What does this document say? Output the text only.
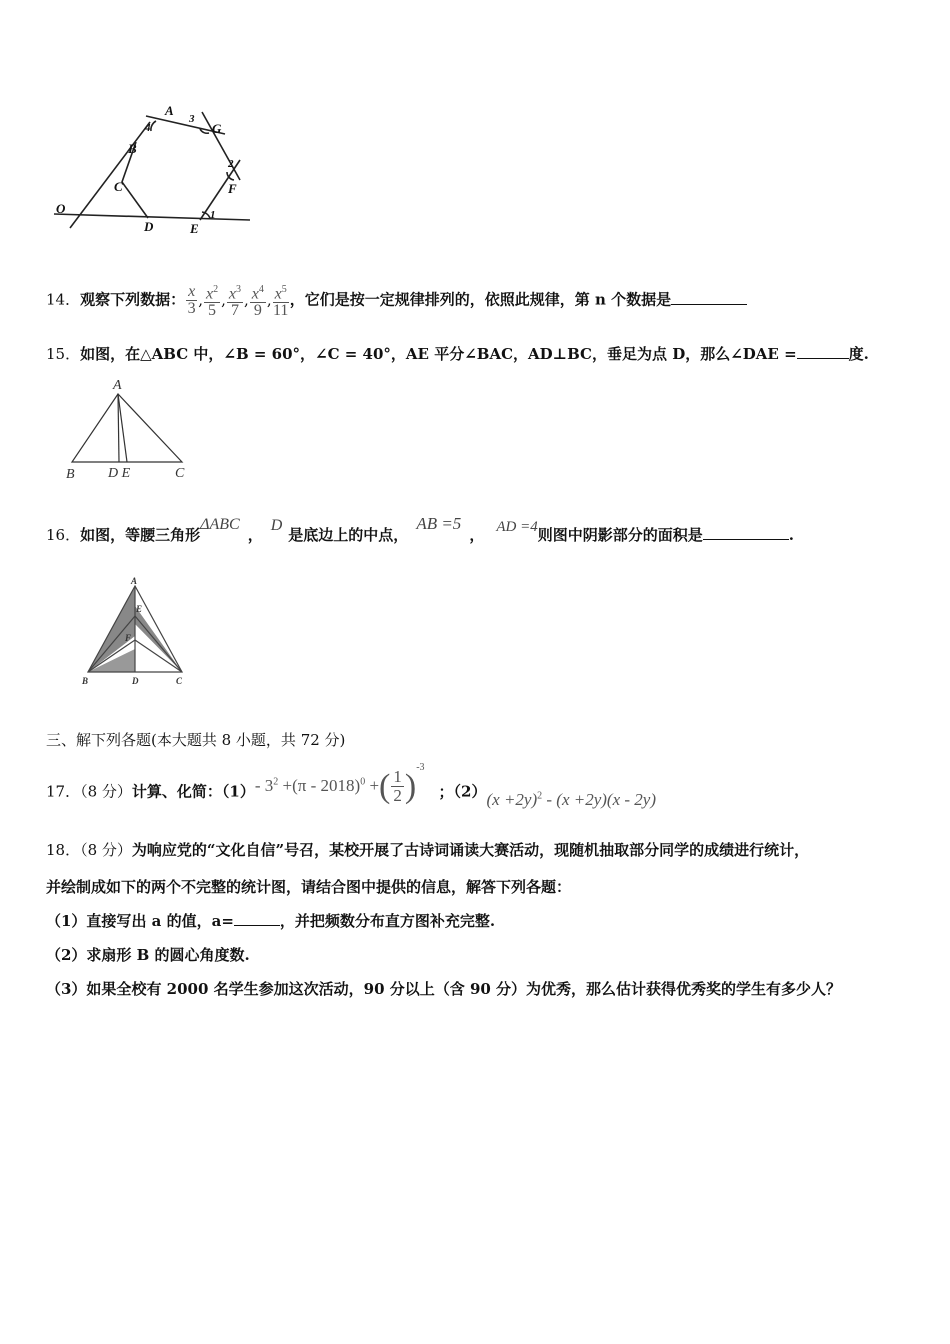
A
3
G
4
B
C
2
F
O
D	E
1
14．观察下列数据： $\frac{x}{3}$ , $\frac{x^2}{5}$ , $\frac{x^3}{7}$ , $\frac{x^4}{9}$ , $\frac{x^5}{11}$ ，它们是按一定规律排列的，依照此规律，第 n 个数据是
15．如图，在△ABC 中，∠B = 60°，∠C = 40°，AE 平分∠BAC，AD⊥BC，垂足为点 D，那么∠DAE =	度.
A
B D E	C
16．如图，等腰三角形ΔABC，D是底边上的中点，AB =5， AD =4则图中阴影部分的面积是	.
A
E
F
B	D	C
三、解下列各题(本大题共 8 小题，共 72 分)
17．（8 分）计算、化简：（1）- $3^2 +(\pi - 2018)^0$ + ( $\frac{1}{2}$ )
$^{-3}$；$(2)(x +2y)^2 - (x +2y)(x - 2y)$
18．（8 分）为响应党的“文化自信”号召，某校开展了古诗词诵读大赛活动，现随机抽取部分同学的成绩进行统计，
并绘制成如下的两个不完整的统计图，请结合图中提供的信息，解答下列各题：
（1）直接写出 a 的值，a=	，并把频数分布直方图补充完整.
（2）求扇形 B 的圆心角度数.
（3）如果全校有 2000 名学生参加这次活动，90 分以上（含 90 分）为优秀，那么估计获得优秀奖的学生有多少人？
